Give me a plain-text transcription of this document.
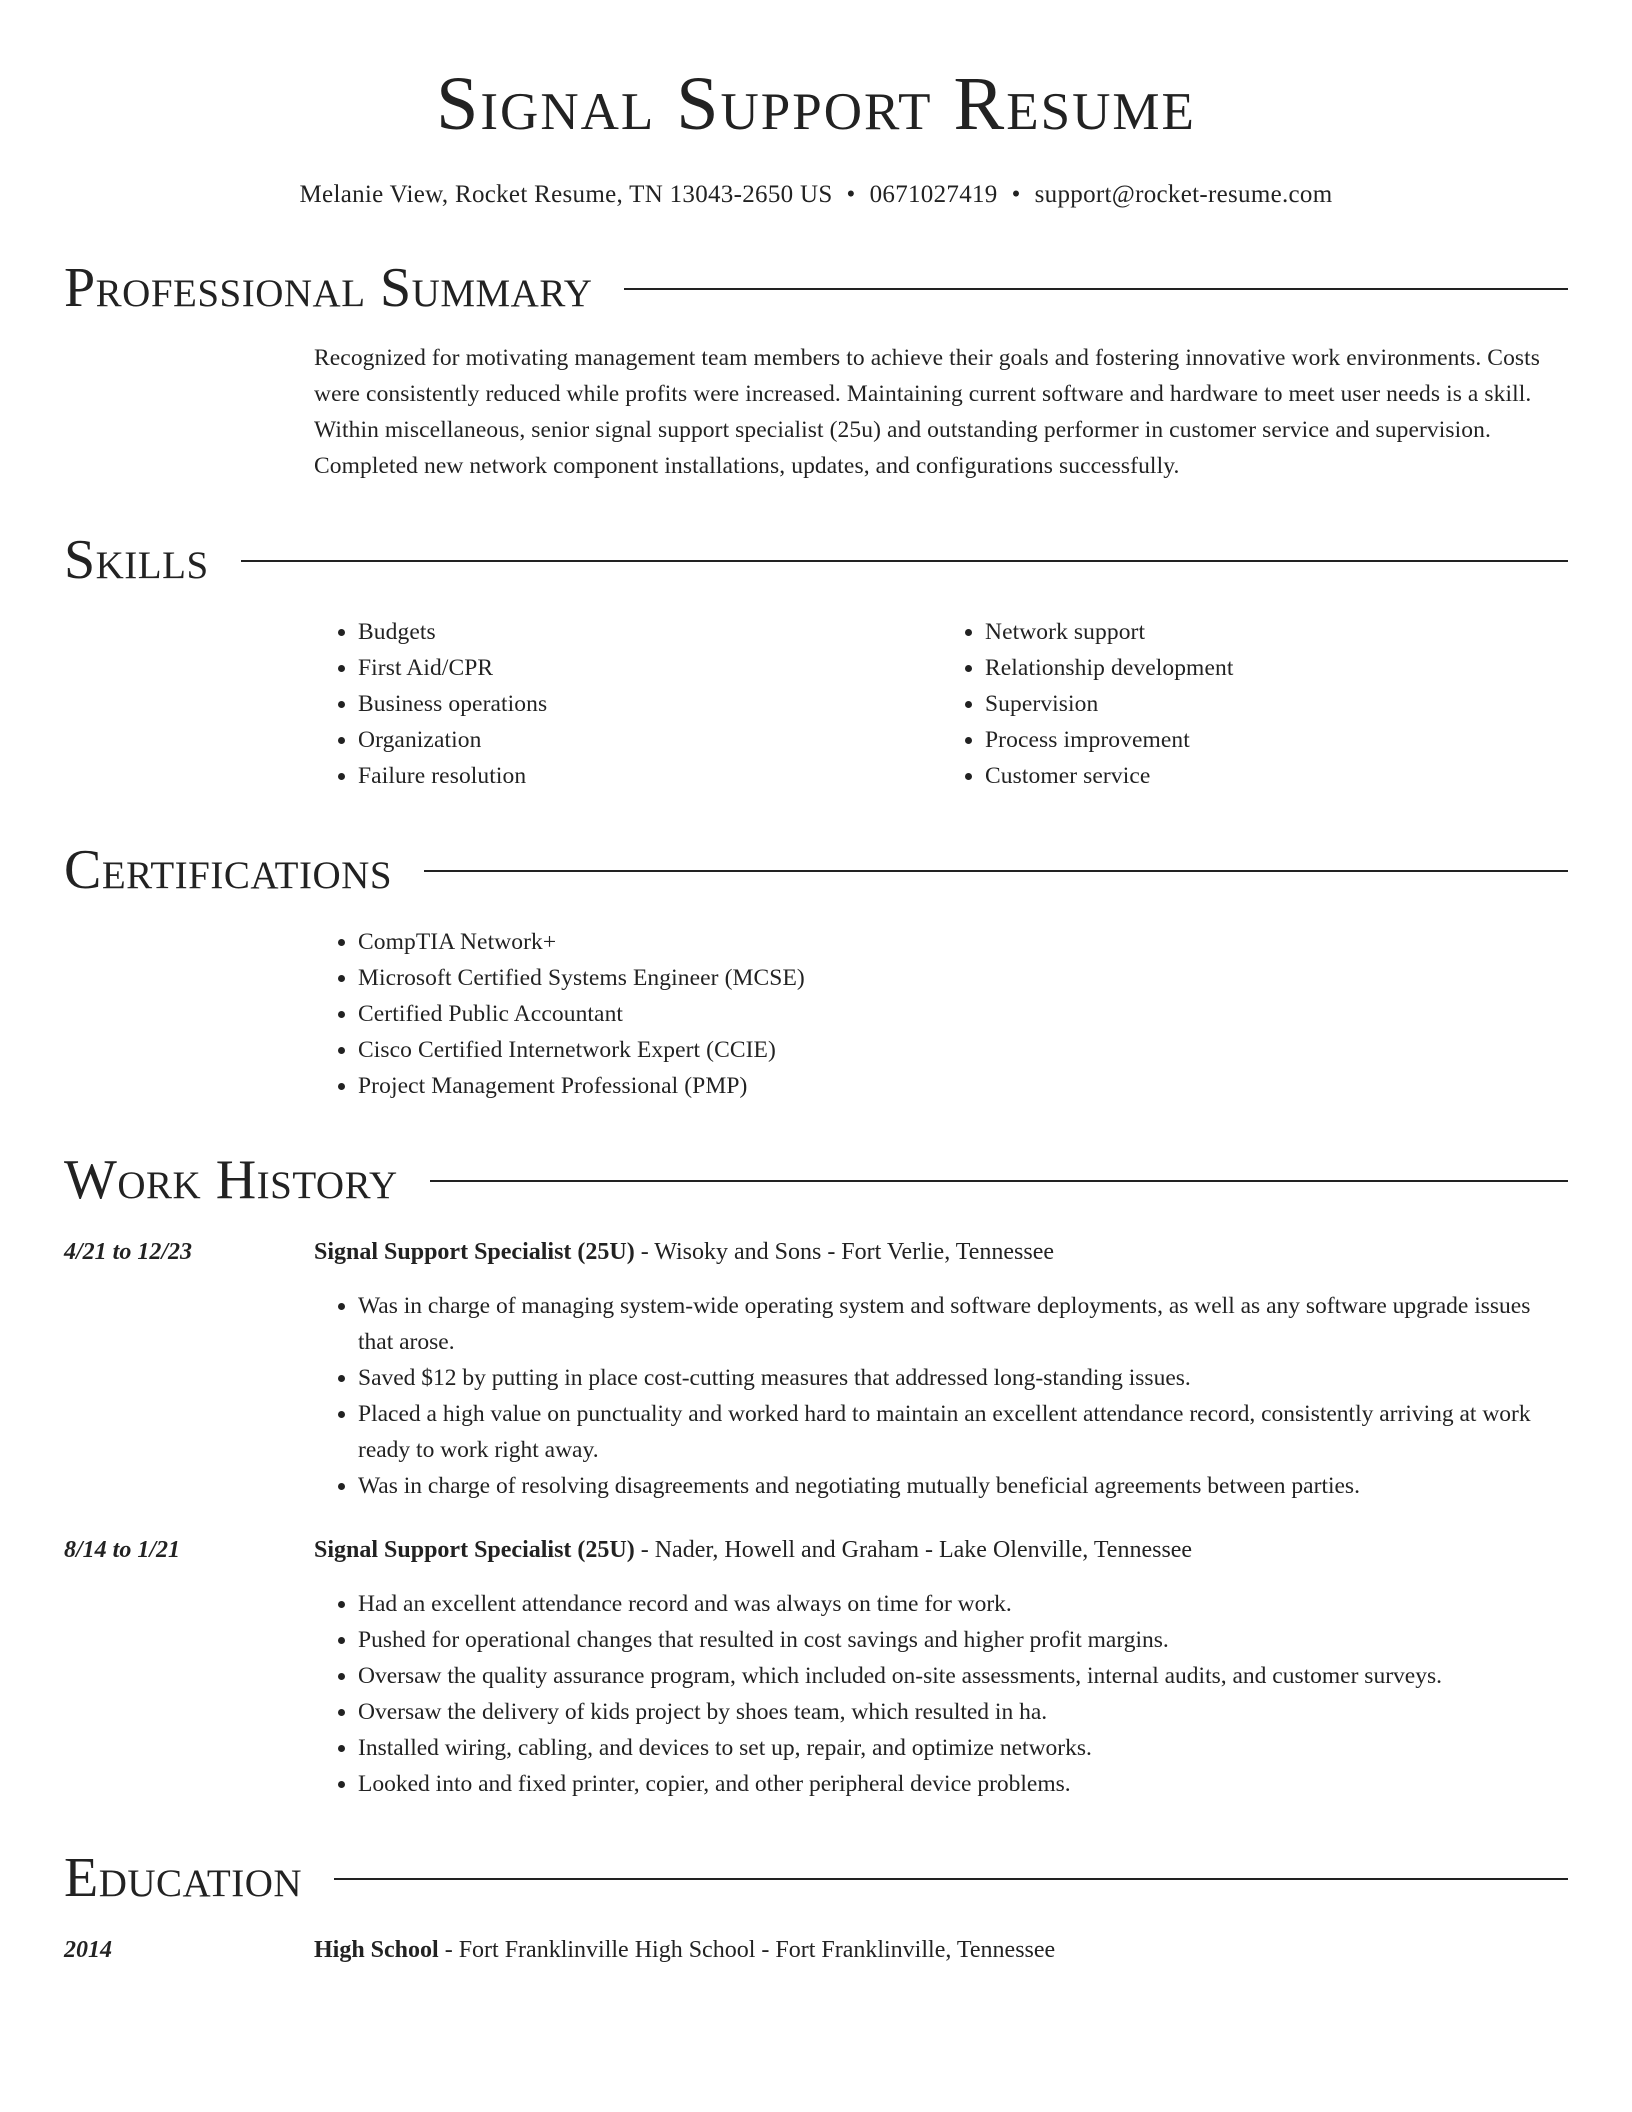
Signal Support Resume
Melanie View, Rocket Resume, TN 13043-2650 US • 0671027419 • support@rocket-resume.com
Professional Summary
Recognized for motivating management team members to achieve their goals and fostering innovative work environments. Costs were consistently reduced while profits were increased. Maintaining current software and hardware to meet user needs is a skill. Within miscellaneous, senior signal support specialist (25u) and outstanding performer in customer service and supervision. Completed new network component installations, updates, and configurations successfully.
Skills
• Budgets
• First Aid/CPR
• Business operations
• Organization
• Failure resolution
• Network support
• Relationship development
• Supervision
• Process improvement
• Customer service
Certifications
• CompTIA Network+
• Microsoft Certified Systems Engineer (MCSE)
• Certified Public Accountant
• Cisco Certified Internetwork Expert (CCIE)
• Project Management Professional (PMP)
Work History
4/21 to 12/23	Signal Support Specialist (25U) - Wisoky and Sons - Fort Verlie, Tennessee
• Was in charge of managing system-wide operating system and software deployments, as well as any software upgrade issues that arose.
• Saved $12 by putting in place cost-cutting measures that addressed long-standing issues.
• Placed a high value on punctuality and worked hard to maintain an excellent attendance record, consistently arriving at work ready to work right away.
• Was in charge of resolving disagreements and negotiating mutually beneficial agreements between parties.
8/14 to 1/21	Signal Support Specialist (25U) - Nader, Howell and Graham - Lake Olenville, Tennessee
• Had an excellent attendance record and was always on time for work.
• Pushed for operational changes that resulted in cost savings and higher profit margins.
• Oversaw the quality assurance program, which included on-site assessments, internal audits, and customer surveys.
• Oversaw the delivery of kids project by shoes team, which resulted in ha.
• Installed wiring, cabling, and devices to set up, repair, and optimize networks.
• Looked into and fixed printer, copier, and other peripheral device problems.
Education
2014	High School - Fort Franklinville High School - Fort Franklinville, Tennessee
